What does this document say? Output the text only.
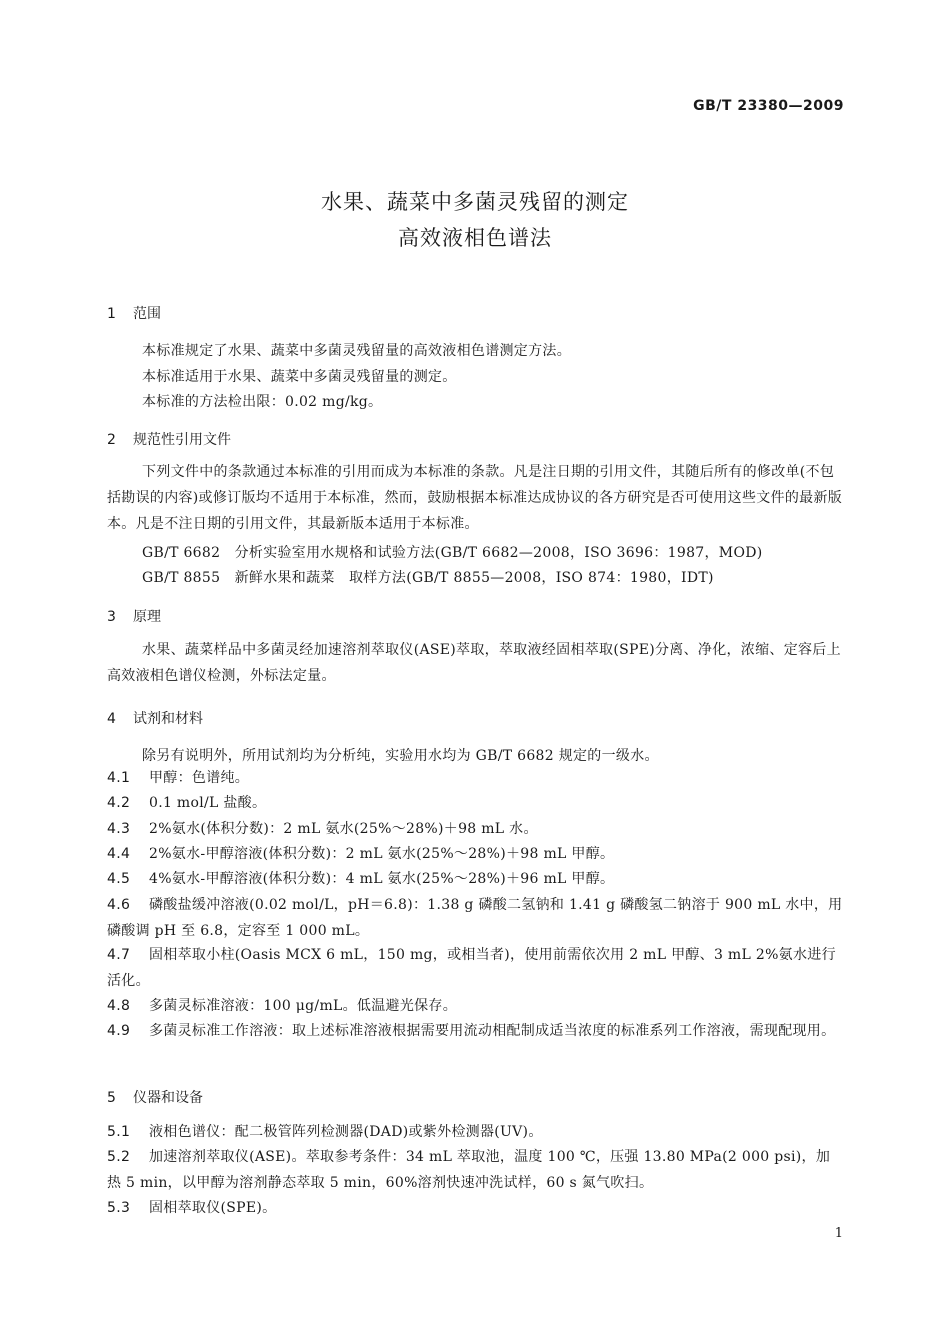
GB/T 23380—2009
水果、蔬菜中多菌灵残留的测定
高效液相色谱法
1 范围
本标准规定了水果、蔬菜中多菌灵残留量的高效液相色谱测定方法。
本标准适用于水果、蔬菜中多菌灵残留量的测定。
本标准的方法检出限：0.02 mg/kg。
2 规范性引用文件
下列文件中的条款通过本标准的引用而成为本标准的条款。凡是注日期的引用文件，其随后所有的修改单(不包括勘误的内容)或修订版均不适用于本标准，然而，鼓励根据本标准达成协议的各方研究是否可使用这些文件的最新版本。凡是不注日期的引用文件，其最新版本适用于本标准。
GB/T 6682　分析实验室用水规格和试验方法(GB/T 6682—2008，ISO 3696：1987，MOD)
GB/T 8855　新鲜水果和蔬菜　取样方法(GB/T 8855—2008，ISO 874：1980，IDT)
3 原理
水果、蔬菜样品中多菌灵经加速溶剂萃取仪(ASE)萃取，萃取液经固相萃取(SPE)分离、净化，浓缩、定容后上高效液相色谱仪检测，外标法定量。
4 试剂和材料
除另有说明外，所用试剂均为分析纯，实验用水均为 GB/T 6682 规定的一级水。
4.1 甲醇：色谱纯。
4.2 0.1 mol/L 盐酸。
4.3 2%氨水(体积分数)：2 mL 氨水(25%～28%)＋98 mL 水。
4.4 2%氨水-甲醇溶液(体积分数)：2 mL 氨水(25%～28%)＋98 mL 甲醇。
4.5 4%氨水-甲醇溶液(体积分数)：4 mL 氨水(25%～28%)＋96 mL 甲醇。
4.6 磷酸盐缓冲溶液(0.02 mol/L，pH＝6.8)：1.38 g 磷酸二氢钠和 1.41 g 磷酸氢二钠溶于 900 mL 水中，用磷酸调 pH 至 6.8，定容至 1 000 mL。
4.7 固相萃取小柱(Oasis MCX 6 mL，150 mg，或相当者)，使用前需依次用 2 mL 甲醇、3 mL 2%氨水进行活化。
4.8 多菌灵标准溶液：100 μg/mL。低温避光保存。
4.9 多菌灵标准工作溶液：取上述标准溶液根据需要用流动相配制成适当浓度的标准系列工作溶液，需现配现用。
5 仪器和设备
5.1 液相色谱仪：配二极管阵列检测器(DAD)或紫外检测器(UV)。
5.2 加速溶剂萃取仪(ASE)。萃取参考条件：34 mL 萃取池，温度 100 ℃，压强 13.80 MPa(2 000 psi)，加热 5 min，以甲醇为溶剂静态萃取 5 min，60%溶剂快速冲洗试样，60 s 氮气吹扫。
5.3 固相萃取仪(SPE)。
1
